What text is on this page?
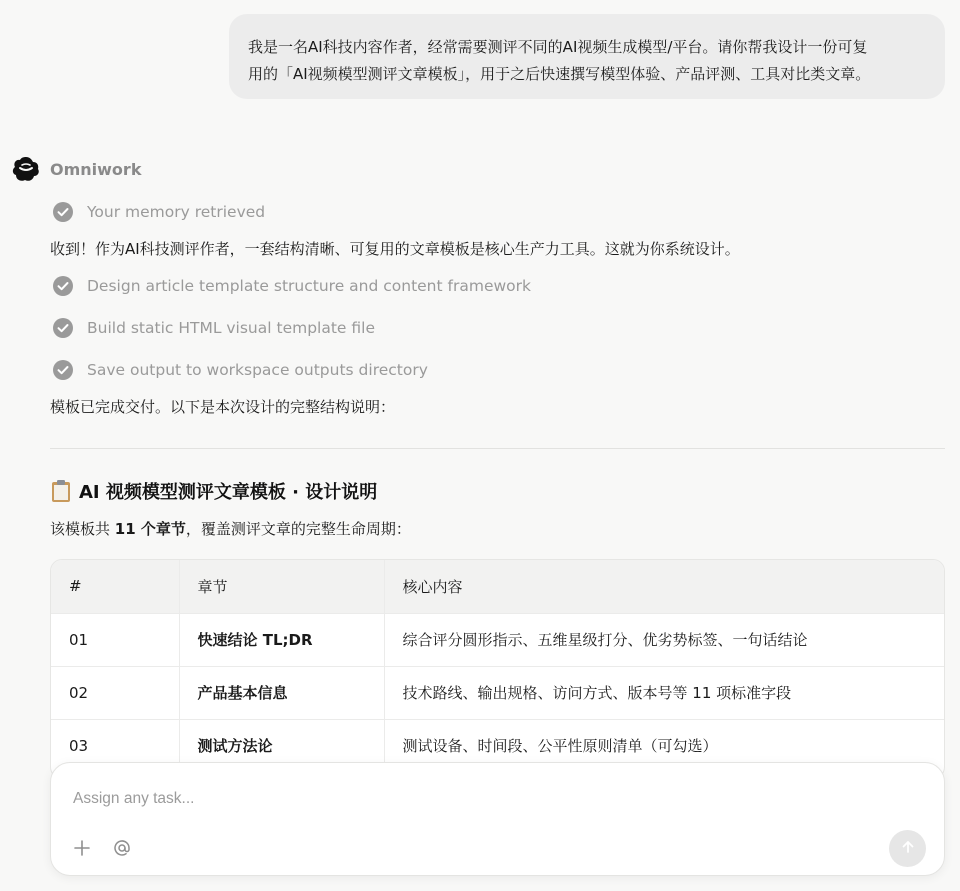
我是一名AI科技内容作者，经常需要测评不同的AI视频生成模型/平台。请你帮我设计一份可复
用的「AI视频模型测评文章模板」，用于之后快速撰写模型体验、产品评测、工具对比类文章。
Omniwork
Your memory retrieved
收到！作为AI科技测评作者，一套结构清晰、可复用的文章模板是核心生产力工具。这就为你系统设计。
Design article template structure and content framework
Build static HTML visual template file
Save output to workspace outputs directory
模板已完成交付。以下是本次设计的完整结构说明：
AI 视频模型测评文章模板 · 设计说明
该模板共 11 个章节，覆盖测评文章的完整生命周期：
#	章节	核心内容
01	快速结论 TL;DR	综合评分圆形指示、五维星级打分、优劣势标签、一句话结论
02	产品基本信息	技术路线、输出规格、访问方式、版本号等 11 项标准字段
03	测试方法论	测试设备、时间段、公平性原则清单（可勾选）
Assign any task...
